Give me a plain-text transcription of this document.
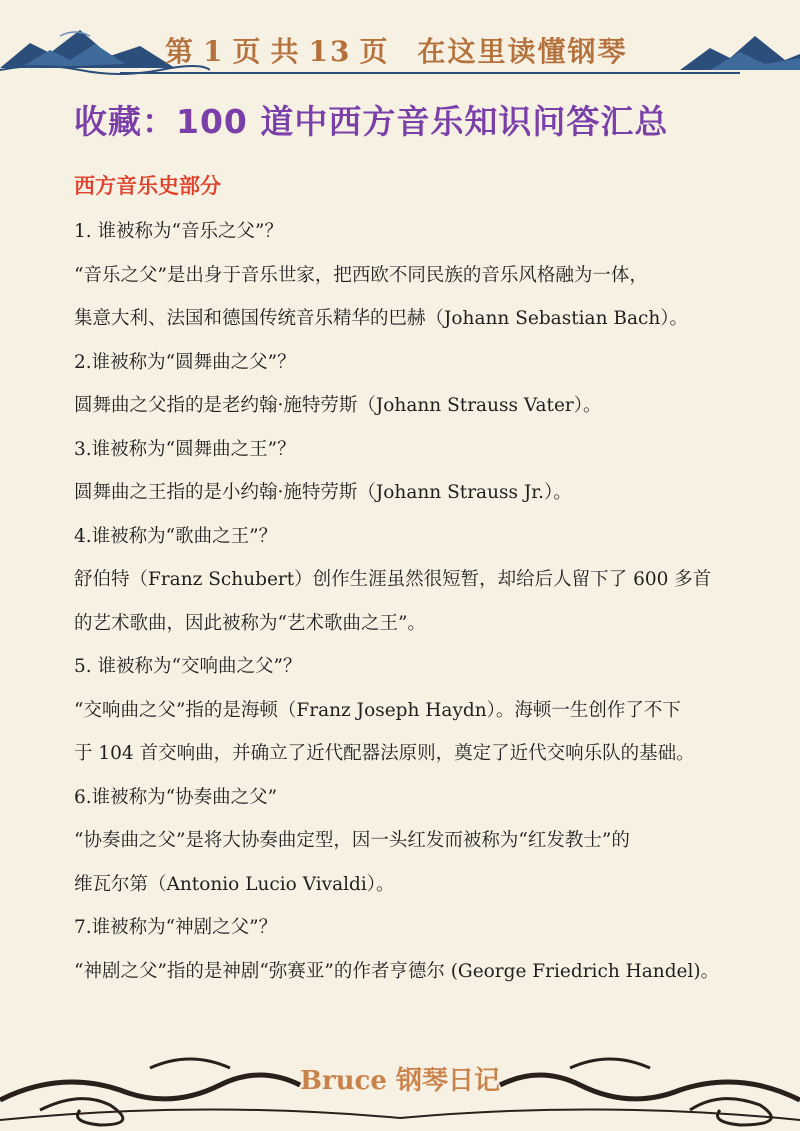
第 1 页 共 13 页 在这里读懂钢琴
收藏：100 道中西方音乐知识问答汇总
西方音乐史部分

1. 谁被称为“音乐之父”？

“音乐之父”是出身于音乐世家，把西欧不同民族的音乐风格融为一体，

集意大利、法国和德国传统音乐精华的巴赫（Johann Sebastian Bach）。

2.谁被称为“圆舞曲之父”？

圆舞曲之父指的是老约翰·施特劳斯（Johann Strauss Vater）。

3.谁被称为“圆舞曲之王”？

圆舞曲之王指的是小约翰·施特劳斯（Johann Strauss Jr.）。

4.谁被称为“歌曲之王”？

舒伯特（Franz Schubert）创作生涯虽然很短暂，却给后人留下了 600 多首

的艺术歌曲，因此被称为“艺术歌曲之王”。

5. 谁被称为“交响曲之父”？

“交响曲之父”指的是海顿（Franz Joseph Haydn）。海顿一生创作了不下

于 104 首交响曲，并确立了近代配器法原则，奠定了近代交响乐队的基础。

6.谁被称为“协奏曲之父”

“协奏曲之父”是将大协奏曲定型，因一头红发而被称为“红发教士”的

维瓦尔第（Antonio Lucio Vivaldi）。

7.谁被称为“神剧之父”？

“神剧之父”指的是神剧“弥赛亚”的作者亨德尔 (George Friedrich Handel)。

Bruce 钢琴日记
